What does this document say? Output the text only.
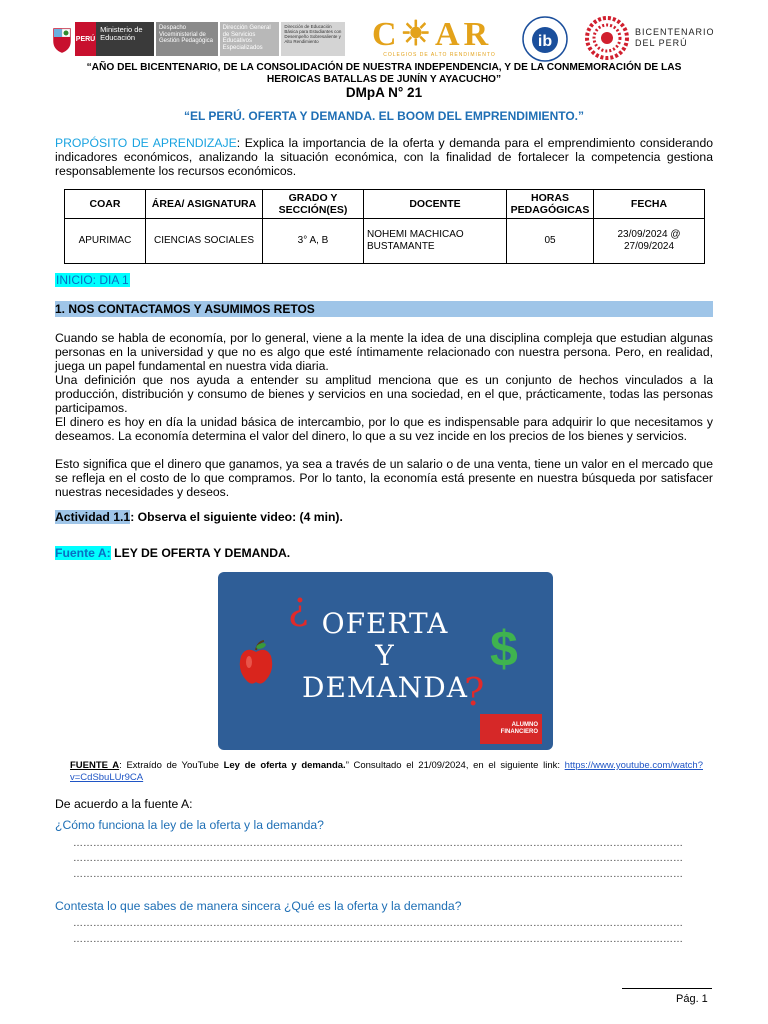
PERÚ
Ministerio de Educación
Despacho Viceministerial de Gestión Pedagógica
Dirección General de Servicios Educativos Especializados
Dirección de Educación Básica para Estudiantes con Desempeño Sobresaliente y Alto Rendimiento	C☀AR
COLEGIOS DE ALTO RENDIMIENTO
ib
BICENTENARIO
DEL PERÚ
“AÑO DEL BICENTENARIO, DE LA CONSOLIDACIÓN DE NUESTRA INDEPENDENCIA, Y DE LA CONMEMORACIÓN DE LAS HEROICAS BATALLAS DE JUNÍN Y AYACUCHO”
DMpA N° 21
“EL PERÚ. OFERTA Y DEMANDA. EL BOOM DEL EMPRENDIMIENTO.”
PROPÓSITO DE APRENDIZAJE: Explica la importancia de la oferta y demanda para el emprendimiento considerando indicadores económicos, analizando la situación económica, con la finalidad de fortalecer la competencia gestiona responsablemente los recursos económicos.
COAR	ÁREA/ ASIGNATURA	GRADO Y SECCIÓN(ES)	DOCENTE	HORAS PEDAGÓGICAS	FECHA
APURIMAC	CIENCIAS SOCIALES	3° A, B	NOHEMI MACHICAO BUSTAMANTE	05	23/09/2024 @ 27/09/2024
INICIO: DIA 1
1. NOS CONTACTAMOS Y ASUMIMOS RETOS
Cuando se habla de economía, por lo general, viene a la mente la idea de una disciplina compleja que estudian algunas personas en la universidad y que no es algo que esté íntimamente relacionado con nuestra persona. Pero, en realidad, juega un papel fundamental en nuestra vida diaria.
Una definición que nos ayuda a entender su amplitud menciona que es un conjunto de hechos vinculados a la producción, distribución y consumo de bienes y servicios en una sociedad, en el que, prácticamente, todas las personas participamos.
El dinero es hoy en día la unidad básica de intercambio, por lo que es indispensable para adquirir lo que necesitamos y deseamos. La economía determina el valor del dinero, lo que a su vez incide en los precios de los bienes y servicios.
Esto significa que el dinero que ganamos, ya sea a través de un salario o de una venta, tiene un valor en el mercado que se refleja en el costo de lo que compramos. Por lo tanto, la economía está presente en nuestra búsqueda por satisfacer nuestras necesidades y deseos.
Actividad 1.1: Observa el siguiente video: (4 min).
Fuente A: LEY DE OFERTA Y DEMANDA.
¿ OFERTA
Y
DEMANDA
?
$
ALUMNO FINANCIERO
FUENTE A: Extraído de YouTube Ley de oferta y demanda.” Consultado el 21/09/2024, en el siguiente link: https://www.youtube.com/watch?v=CdSbuLUr9CA
De acuerdo a la fuente A:
¿Cómo funciona la ley de la oferta y la demanda?
…………………………………………………………………………………………………………………………………………………………………
…………………………………………………………………………………………………………………………………………………………………
…………………………………………………………………………………………………………………………………………………………………
Contesta lo que sabes de manera sincera ¿Qué es la oferta y la demanda?
…………………………………………………………………………………………………………………………………………………………………
…………………………………………………………………………………………………………………………………………………………………
Pág. 1
